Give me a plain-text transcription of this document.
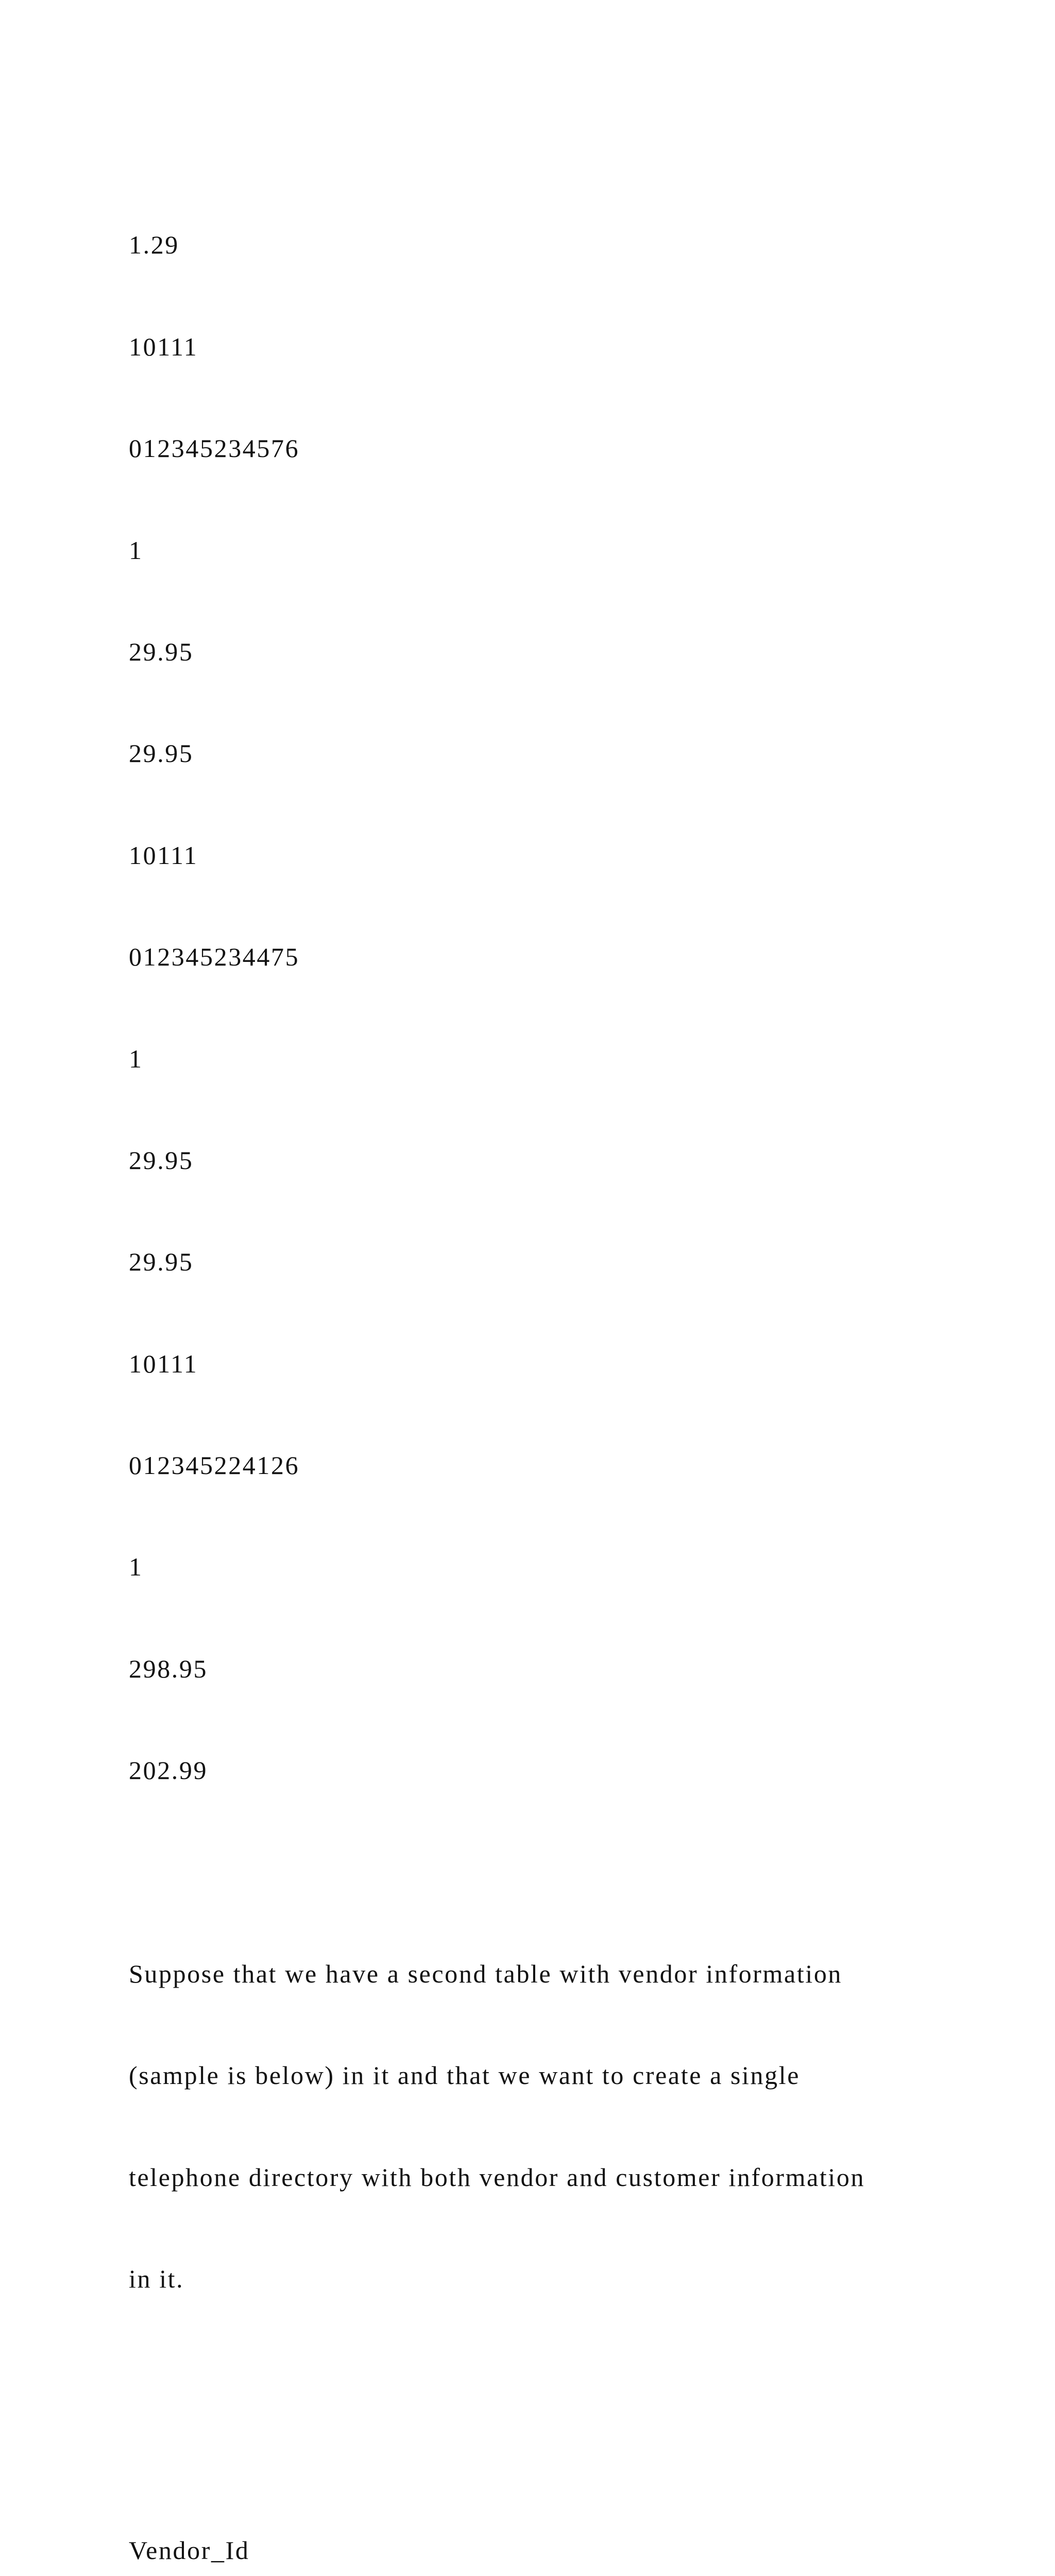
1.29

10111

012345234576

1

29.95

29.95

10111

012345234475

1

29.95

29.95

10111

012345224126

1

298.95

202.99

Suppose that we have a second table with vendor information

(sample is below) in it and that we want to create a single

telephone directory with both vendor and customer information

in it.

Vendor_Id
